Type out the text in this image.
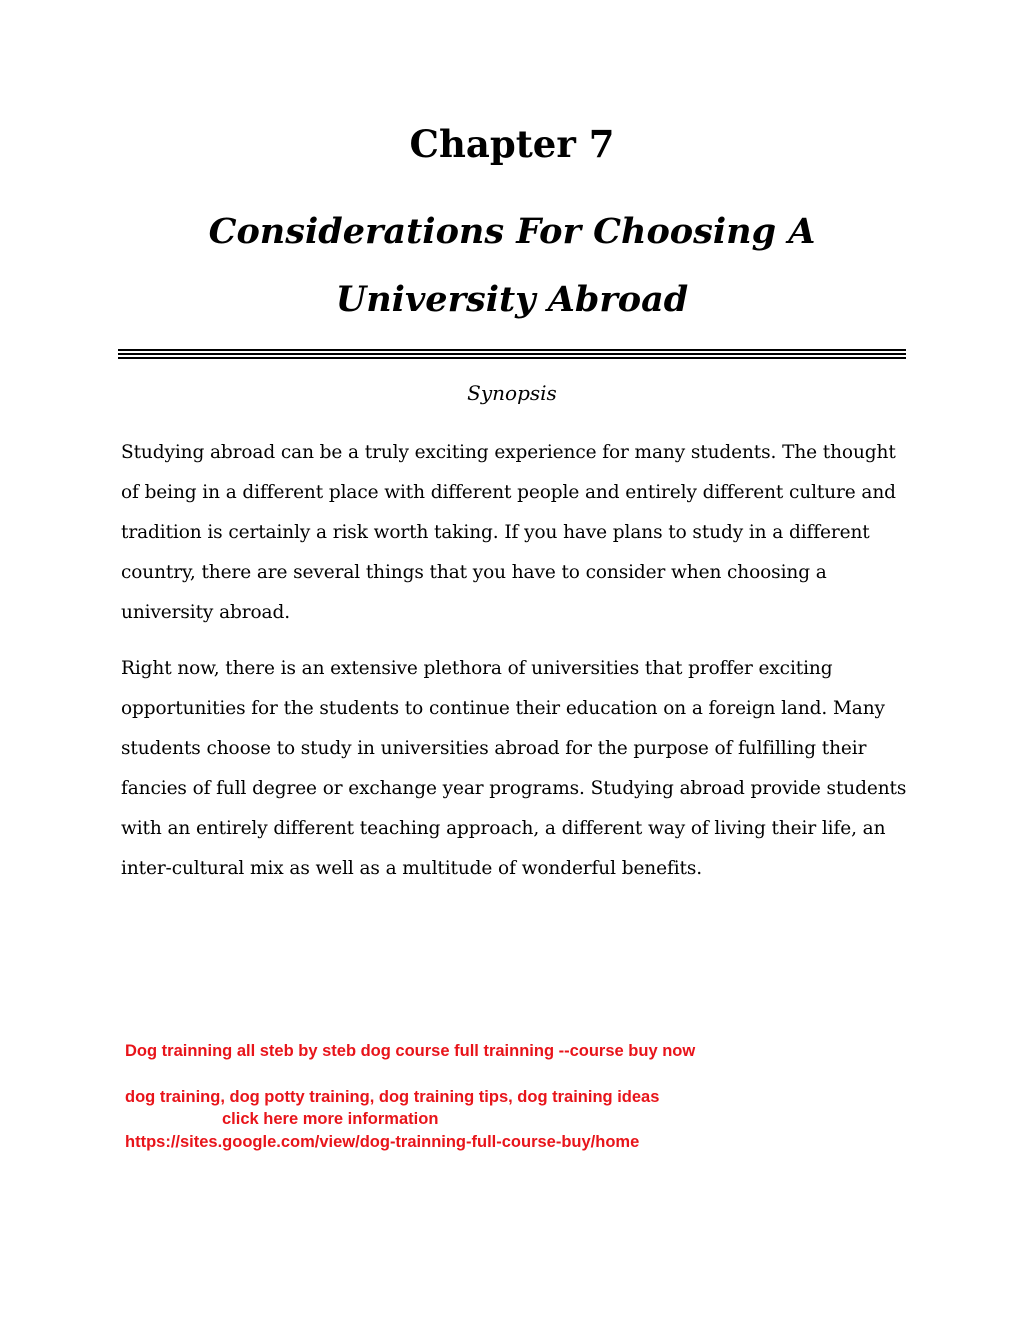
Chapter 7
Considerations For Choosing A University Abroad

Synopsis

Studying abroad can be a truly exciting experience for many students. The thought of being in a different place with different people and entirely different culture and tradition is certainly a risk worth taking. If you have plans to study in a different country, there are several things that you have to consider when choosing a university abroad.

Right now, there is an extensive plethora of universities that proffer exciting opportunities for the students to continue their education on a foreign land. Many students choose to study in universities abroad for the purpose of fulfilling their fancies of full degree or exchange year programs. Studying abroad provide students with an entirely different teaching approach, a different way of living their life, an inter-cultural mix as well as a multitude of wonderful benefits.

Dog trainning all steb by steb dog course full trainning --course buy now

dog training, dog potty training, dog training tips, dog training ideas

click here more information

https://sites.google.com/view/dog-trainning-full-course-buy/home
